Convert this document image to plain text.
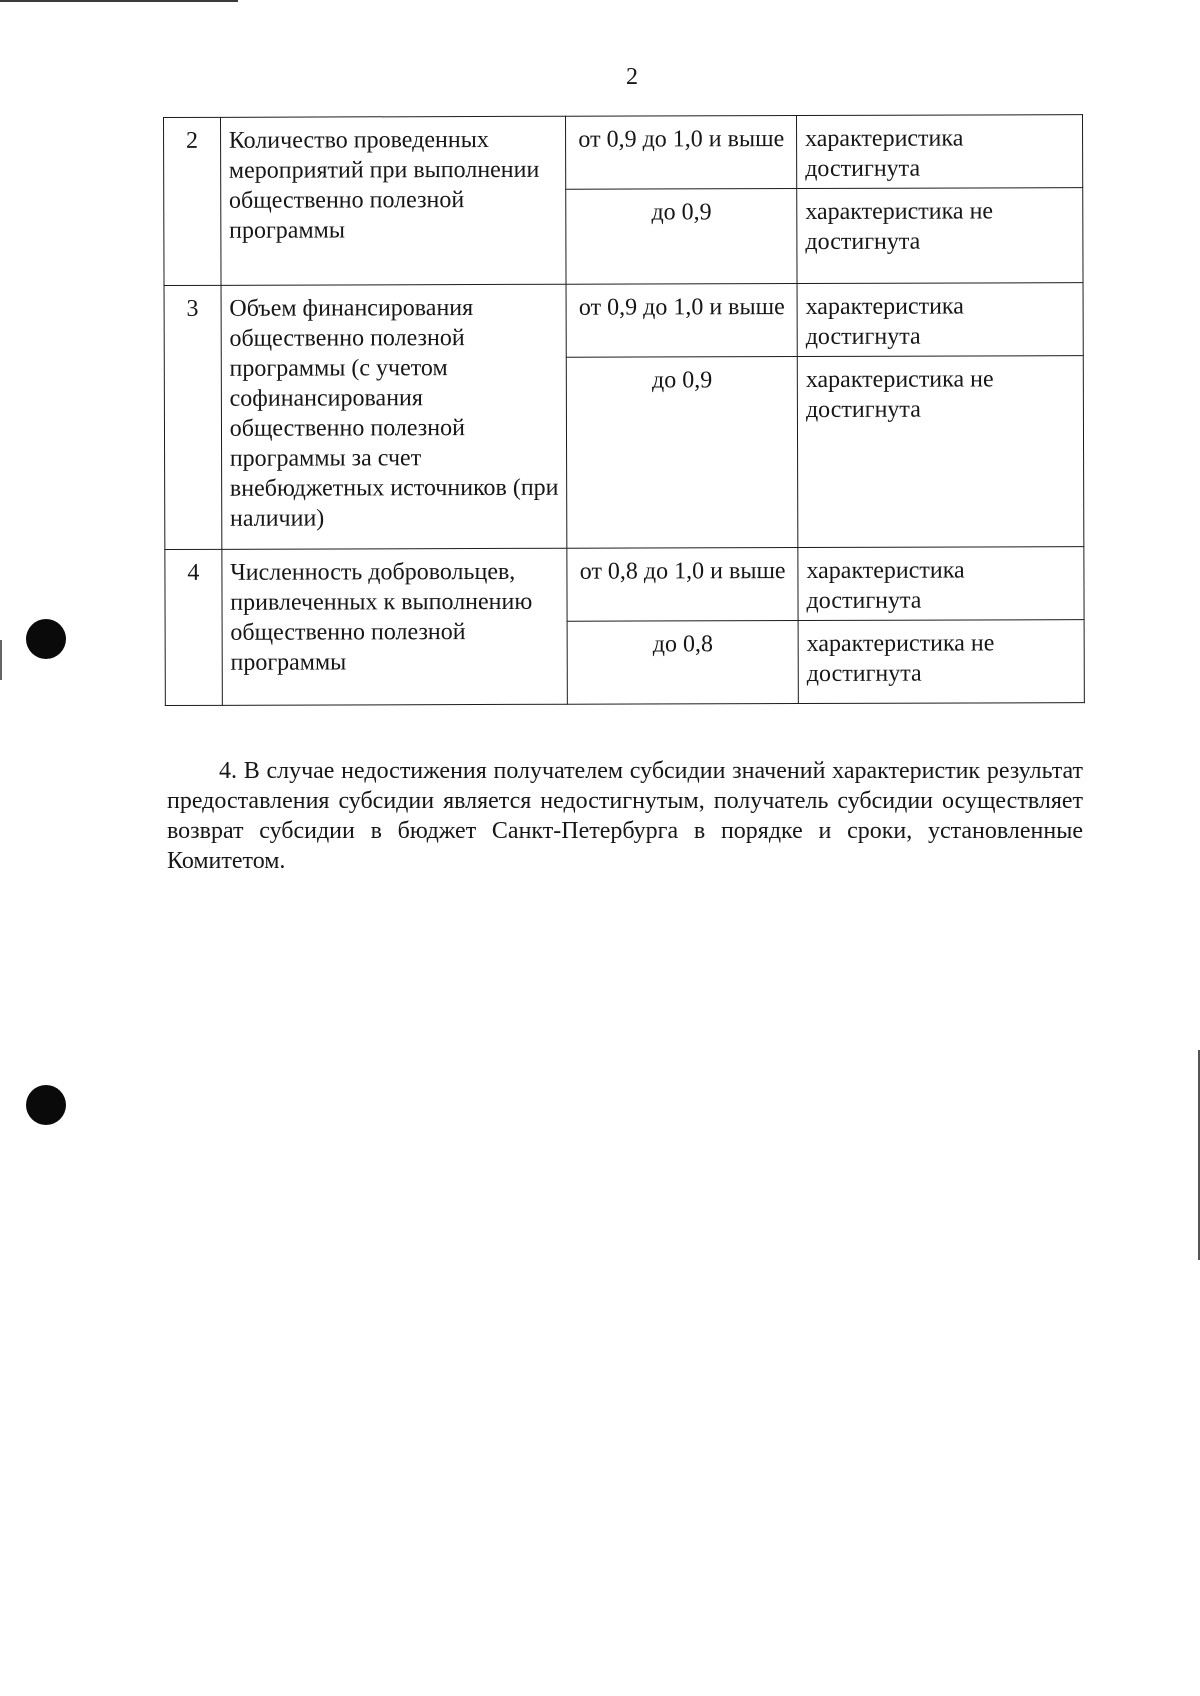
2
2	Количество проведенных мероприятий при выполнении общественно полезной программы	от 0,9 до 1,0 и выше	характеристика достигнута
		до 0,9	характеристика не достигнута
3	Объем финансирования общественно полезной программы (с учетом софинансирования общественно полезной программы за счет внебюджетных источников (при наличии)	от 0,9 до 1,0 и выше	характеристика достигнута
		до 0,9	характеристика не достигнута
4	Численность добровольцев, привлеченных к выполнению общественно полезной программы	от 0,8 до 1,0 и выше	характеристика достигнута
		до 0,8	характеристика не достигнута
4. В случае недостижения получателем субсидии значений характеристик результат предоставления субсидии является недостигнутым, получатель субсидии осуществляет возврат субсидии в бюджет Санкт-Петербурга в порядке и сроки, установленные Комитетом.
